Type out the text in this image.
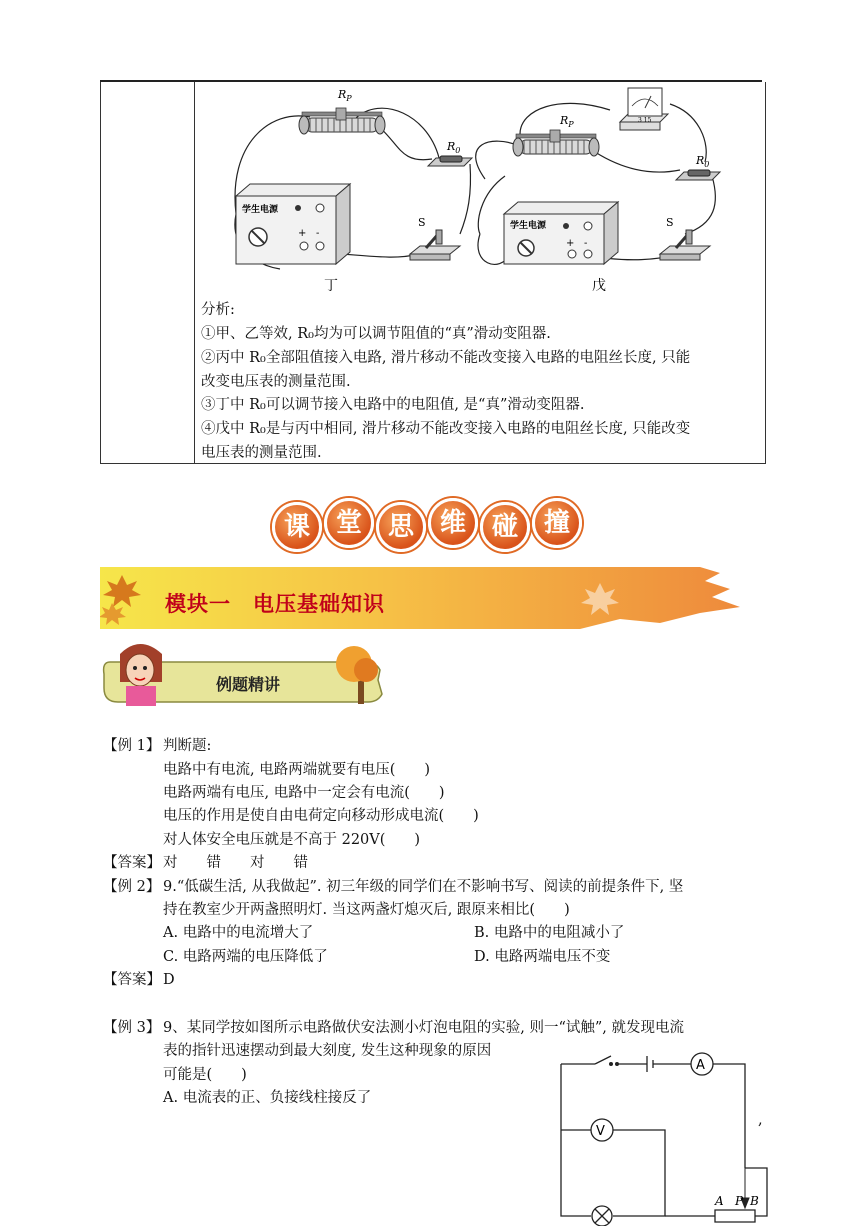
$R_P$
$R_0$
学生电源
+ -
S
丁
3 15
$R_P$
$R_0$
学生电源
+ -
S
戊
分析:
①甲、乙等效, R₀均为可以调节阻值的“真”滑动变阻器.
②丙中 R₀全部阻值接入电路, 滑片移动不能改变接入电路的电阻丝长度, 只能
改变电压表的测量范围.
③丁中 R₀可以调节接入电路中的电阻值, 是“真”滑动变阻器.
④戊中 R₀是与丙中相同, 滑片移动不能改变接入电路的电阻丝长度, 只能改变
电压表的测量范围.
课 堂 思 维 碰 撞
模块一　电压基础知识
例题精讲
【例 1】 判断题:
电路中有电流, 电路两端就要有电压(　　)
电路两端有电压, 电路中一定会有电流(　　)
电压的作用是使自由电荷定向移动形成电流(　　)
对人体安全电压就是不高于 220V(　　)
【答案】 对　　错　　对　　错
【例 2】 9.“低碳生活, 从我做起”. 初三年级的同学们在不影响书写、阅读的前提条件下, 坚
持在教室少开两盏照明灯. 当这两盏灯熄灭后, 跟原来相比(　　)
A. 电路中的电流增大了	B. 电路中的电阻减小了
C. 电路两端的电压降低了	D. 电路两端电压不变
【答案】 D
【例 3】 9、某同学按如图所示电路做伏安法测小灯泡电阻的实验, 则一“试触”, 就发现电流
表的指针迅速摆动到最大刻度, 发生这种现象的原因
可能是(　　)
A. 电流表的正、负接线柱接反了
A
V
A P B
,
